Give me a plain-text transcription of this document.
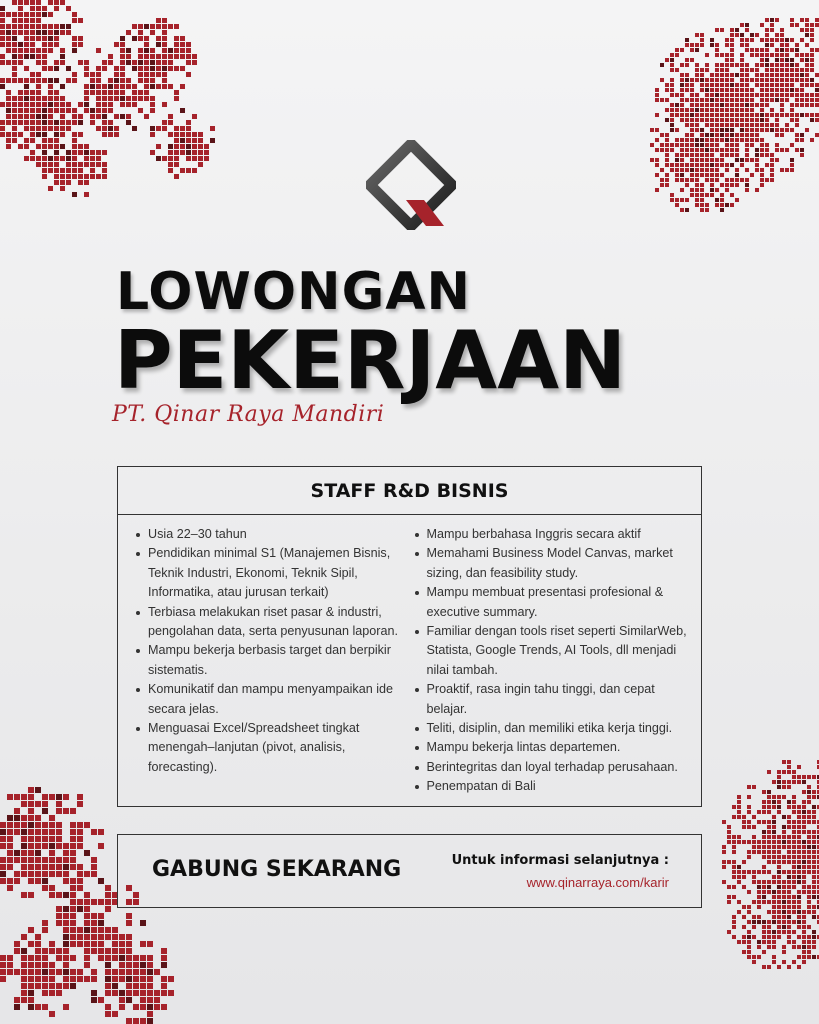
LOWONGAN
PEKERJAAN
PT. Qinar Raya Mandiri
STAFF R&D BISNIS
Usia 22–30 tahun
Pendidikan minimal S1 (Manajemen Bisnis, Teknik Industri, Ekonomi, Teknik Sipil, Informatika, atau jurusan terkait)
Terbiasa melakukan riset pasar & industri, pengolahan data, serta penyusunan laporan.
Mampu bekerja berbasis target dan berpikir sistematis.
Komunikatif dan mampu menyampaikan ide secara jelas.
Menguasai Excel/Spreadsheet tingkat menengah–lanjutan (pivot, analisis, forecasting).
Mampu berbahasa Inggris secara aktif
Memahami Business Model Canvas, market sizing, dan feasibility study.
Mampu membuat presentasi profesional & executive summary.
Familiar dengan tools riset seperti SimilarWeb, Statista, Google Trends, AI Tools, dll menjadi nilai tambah.
Proaktif, rasa ingin tahu tinggi, dan cepat belajar.
Teliti, disiplin, dan memiliki etika kerja tinggi.
Mampu bekerja lintas departemen.
Berintegritas dan loyal terhadap perusahaan.
Penempatan di Bali
GABUNG SEKARANG	Untuk informasi selanjutnya :
www.qinarraya.com/karir
